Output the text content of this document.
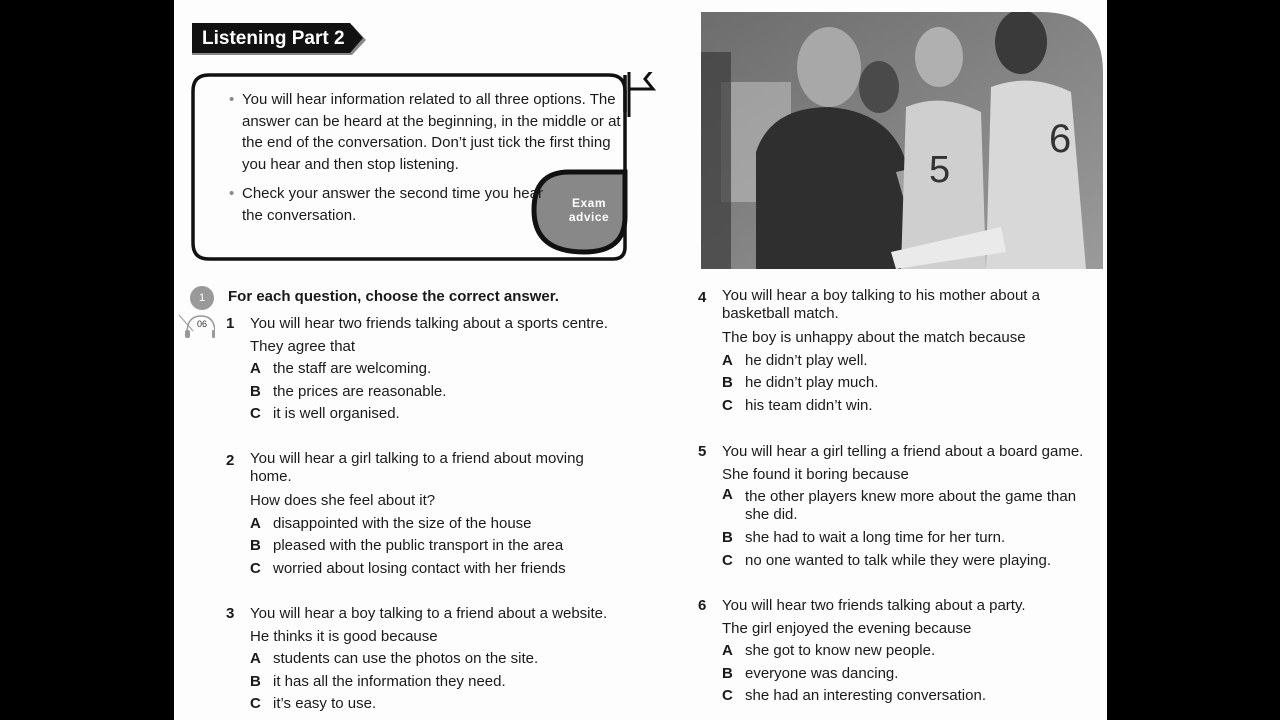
Listening Part 2
• You will hear information related to all three options. The answer can be heard at the beginning, in the middle or at the end of the conversation. Don’t just tick the first thing you hear and then stop listening.
• Check your answer the second time you hear the conversation.
Exam
advice
5
6
1	For each question, choose the correct answer.
06 1 You will hear two friends talking about a sports centre.
They agree that
A the staff are welcoming.
B the prices are reasonable.
C it is well organised.
2 You will hear a girl talking to a friend about moving home.
How does she feel about it?
A disappointed with the size of the house
B pleased with the public transport in the area
C worried about losing contact with her friends
3 You will hear a boy talking to a friend about a website.
He thinks it is good because
A students can use the photos on the site.
B it has all the information they need.
C it’s easy to use.
4 You will hear a boy talking to his mother about a basketball match.
The boy is unhappy about the match because
A he didn’t play well.
B he didn’t play much.
C his team didn’t win.
5 You will hear a girl telling a friend about a board game.
She found it boring because
A the other players knew more about the game than she did.
B she had to wait a long time for her turn.
C no one wanted to talk while they were playing.
6 You will hear two friends talking about a party.
The girl enjoyed the evening because
A she got to know new people.
B everyone was dancing.
C she had an interesting conversation.
